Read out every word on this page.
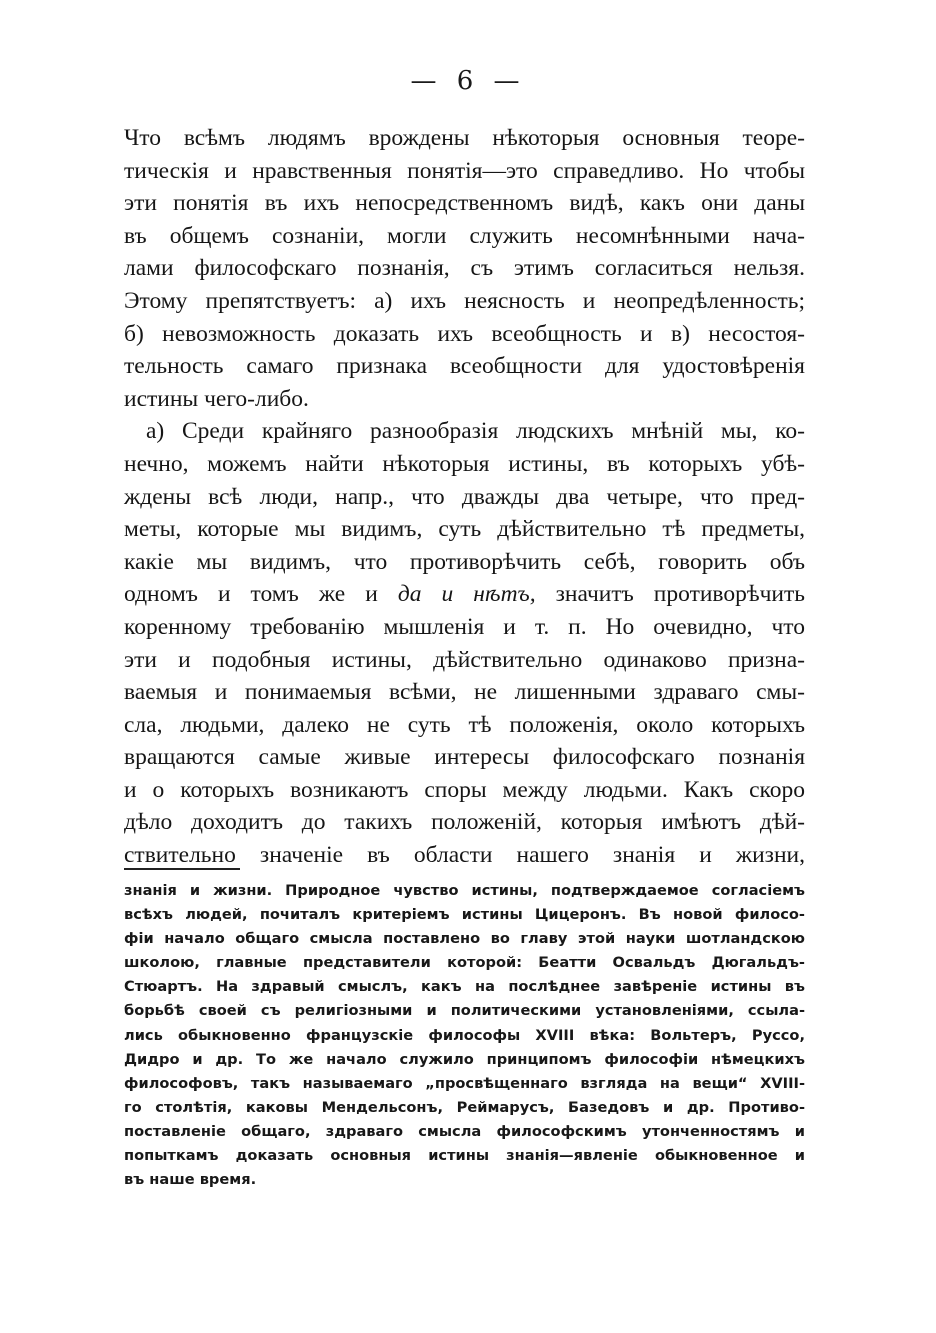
— 6 —
Что всѣмъ людямъ врождены нѣкоторыя основныя теоре-
тическія и нравственныя понятія—это справедливо. Но чтобы
эти понятія въ ихъ непосредственномъ видѣ, какъ они даны
въ общемъ сознаніи, могли служить несомнѣнными нача-
лами философскаго познанія, съ этимъ согласиться нельзя.
Этому препятствуетъ: а) ихъ неясность и неопредѣленность;
б) невозможность доказать ихъ всеобщность и в) несостоя-
тельность самаго признака всеобщности для удостовѣренія
истины чего-либо.
а) Среди крайняго разнообразія людскихъ мнѣній мы, ко-
нечно, можемъ найти нѣкоторыя истины, въ которыхъ убѣ-
ждены всѣ люди, напр., что дважды два четыре, что пред-
меты, которые мы видимъ, суть дѣйствительно тѣ предметы,
какіе мы видимъ, что противорѣчить себѣ, говорить объ
одномъ и томъ же и да и нѣтъ, значитъ противорѣчить
коренному требованію мышленія и т. п. Но очевидно, что
эти и подобныя истины, дѣйствительно одинаково призна-
ваемыя и понимаемыя всѣми, не лишенными здраваго смы-
сла, людьми, далеко не суть тѣ положенія, около которыхъ
вращаются самые живые интересы философскаго познанія
и о которыхъ возникаютъ споры между людьми. Какъ скоро
дѣло доходитъ до такихъ положеній, которыя имѣютъ дѣй-
ствительно значеніе въ области нашего знанія и жизни,
знанія и жизни. Природное чувство истины, подтверждаемое согласіемъ
всѣхъ людей, почиталъ критеріемъ истины Цицеронъ. Въ новой филосо-
фіи начало общаго смысла поставлено во главу этой науки шотландскою
школою, главные представители которой: Беатти Освальдъ Дюгальдъ-
Стюартъ. На здравый смыслъ, какъ на послѣднее завѣреніе истины въ
борьбѣ своей съ религіозными и политическими установленіями, ссыла-
лись обыкновенно французскіе философы XVIII вѣка: Вольтеръ, Руссо,
Дидро и др. То же начало служило принципомъ философіи нѣмецкихъ
философовъ, такъ называемаго „просвѣщеннаго взгляда на вещи“ XVIII-
го столѣтія, каковы Мендельсонъ, Реймарусъ, Базедовъ и др. Противо-
поставленіе общаго, здраваго смысла философскимъ утонченностямъ и
попыткамъ доказать основныя истины знанія—явленіе обыкновенное и
въ наше время.
